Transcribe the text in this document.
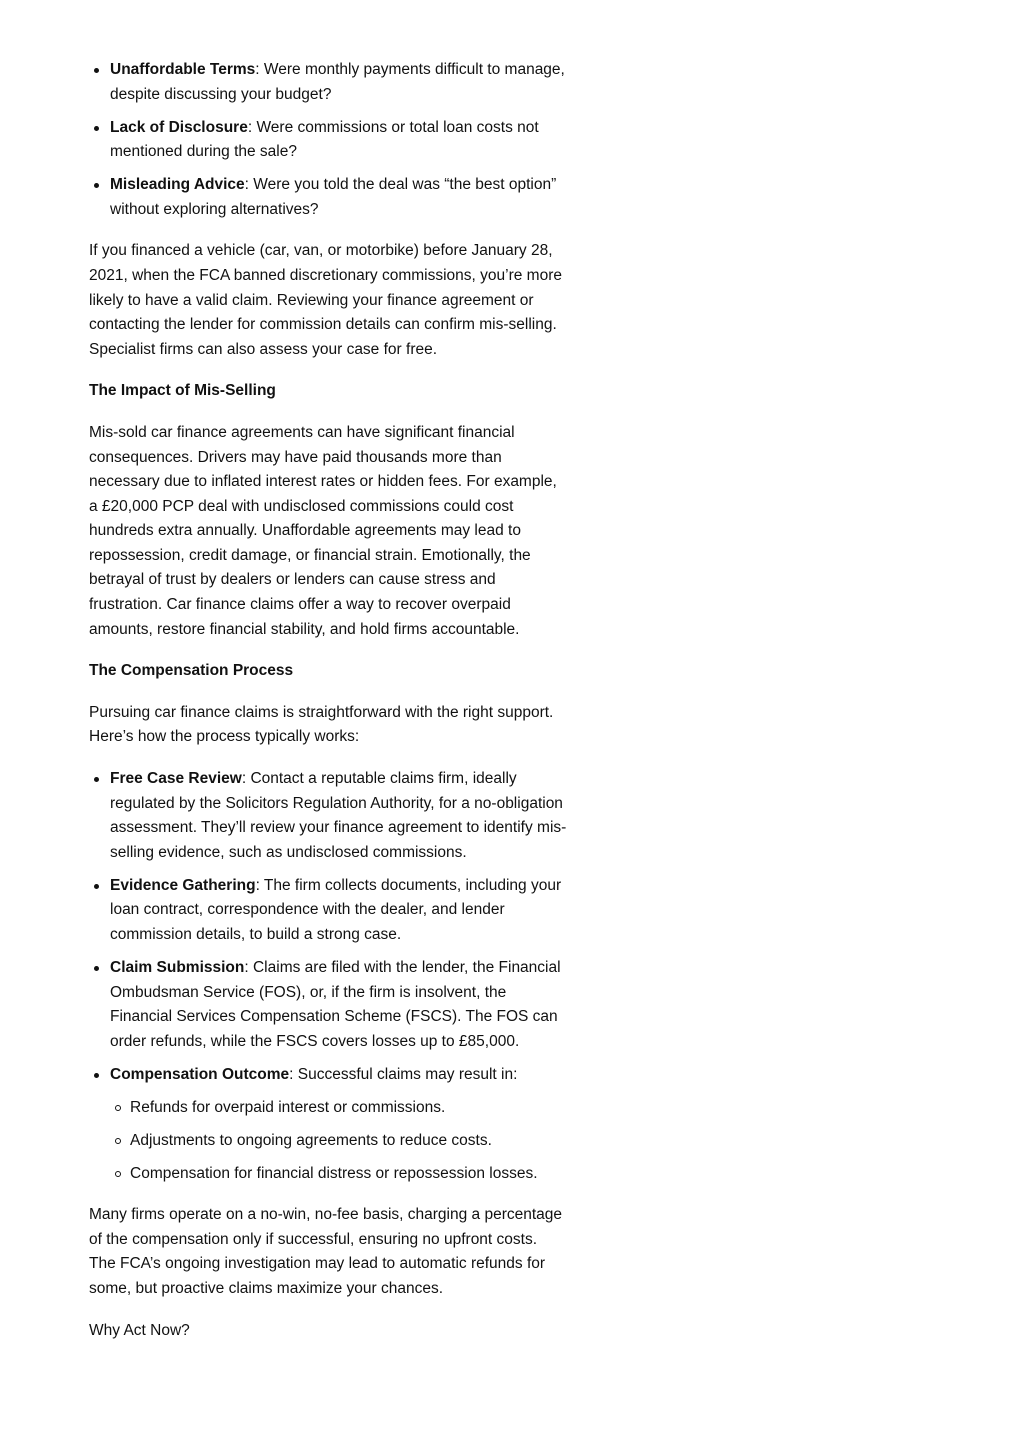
Unaffordable Terms: Were monthly payments difficult to manage, despite discussing your budget?
Lack of Disclosure: Were commissions or total loan costs not mentioned during the sale?
Misleading Advice: Were you told the deal was “the best option” without exploring alternatives?

If you financed a vehicle (car, van, or motorbike) before January 28, 2021, when the FCA banned discretionary commissions, you’re more likely to have a valid claim. Reviewing your finance agreement or contacting the lender for commission details can confirm mis-selling. Specialist firms can also assess your case for free.

The Impact of Mis-Selling

Mis-sold car finance agreements can have significant financial consequences. Drivers may have paid thousands more than necessary due to inflated interest rates or hidden fees. For example, a £20,000 PCP deal with undisclosed commissions could cost hundreds extra annually. Unaffordable agreements may lead to repossession, credit damage, or financial strain. Emotionally, the betrayal of trust by dealers or lenders can cause stress and frustration. Car finance claims offer a way to recover overpaid amounts, restore financial stability, and hold firms accountable.

The Compensation Process

Pursuing car finance claims is straightforward with the right support. Here’s how the process typically works:

Free Case Review: Contact a reputable claims firm, ideally regulated by the Solicitors Regulation Authority, for a no-obligation assessment. They’ll review your finance agreement to identify mis-selling evidence, such as undisclosed commissions.
Evidence Gathering: The firm collects documents, including your loan contract, correspondence with the dealer, and lender commission details, to build a strong case.
Claim Submission: Claims are filed with the lender, the Financial Ombudsman Service (FOS), or, if the firm is insolvent, the Financial Services Compensation Scheme (FSCS). The FOS can order refunds, while the FSCS covers losses up to £85,000.
Compensation Outcome: Successful claims may result in:
Refunds for overpaid interest or commissions.
Adjustments to ongoing agreements to reduce costs.
Compensation for financial distress or repossession losses.

Many firms operate on a no-win, no-fee basis, charging a percentage of the compensation only if successful, ensuring no upfront costs. The FCA’s ongoing investigation may lead to automatic refunds for some, but proactive claims maximize your chances.

Why Act Now?
